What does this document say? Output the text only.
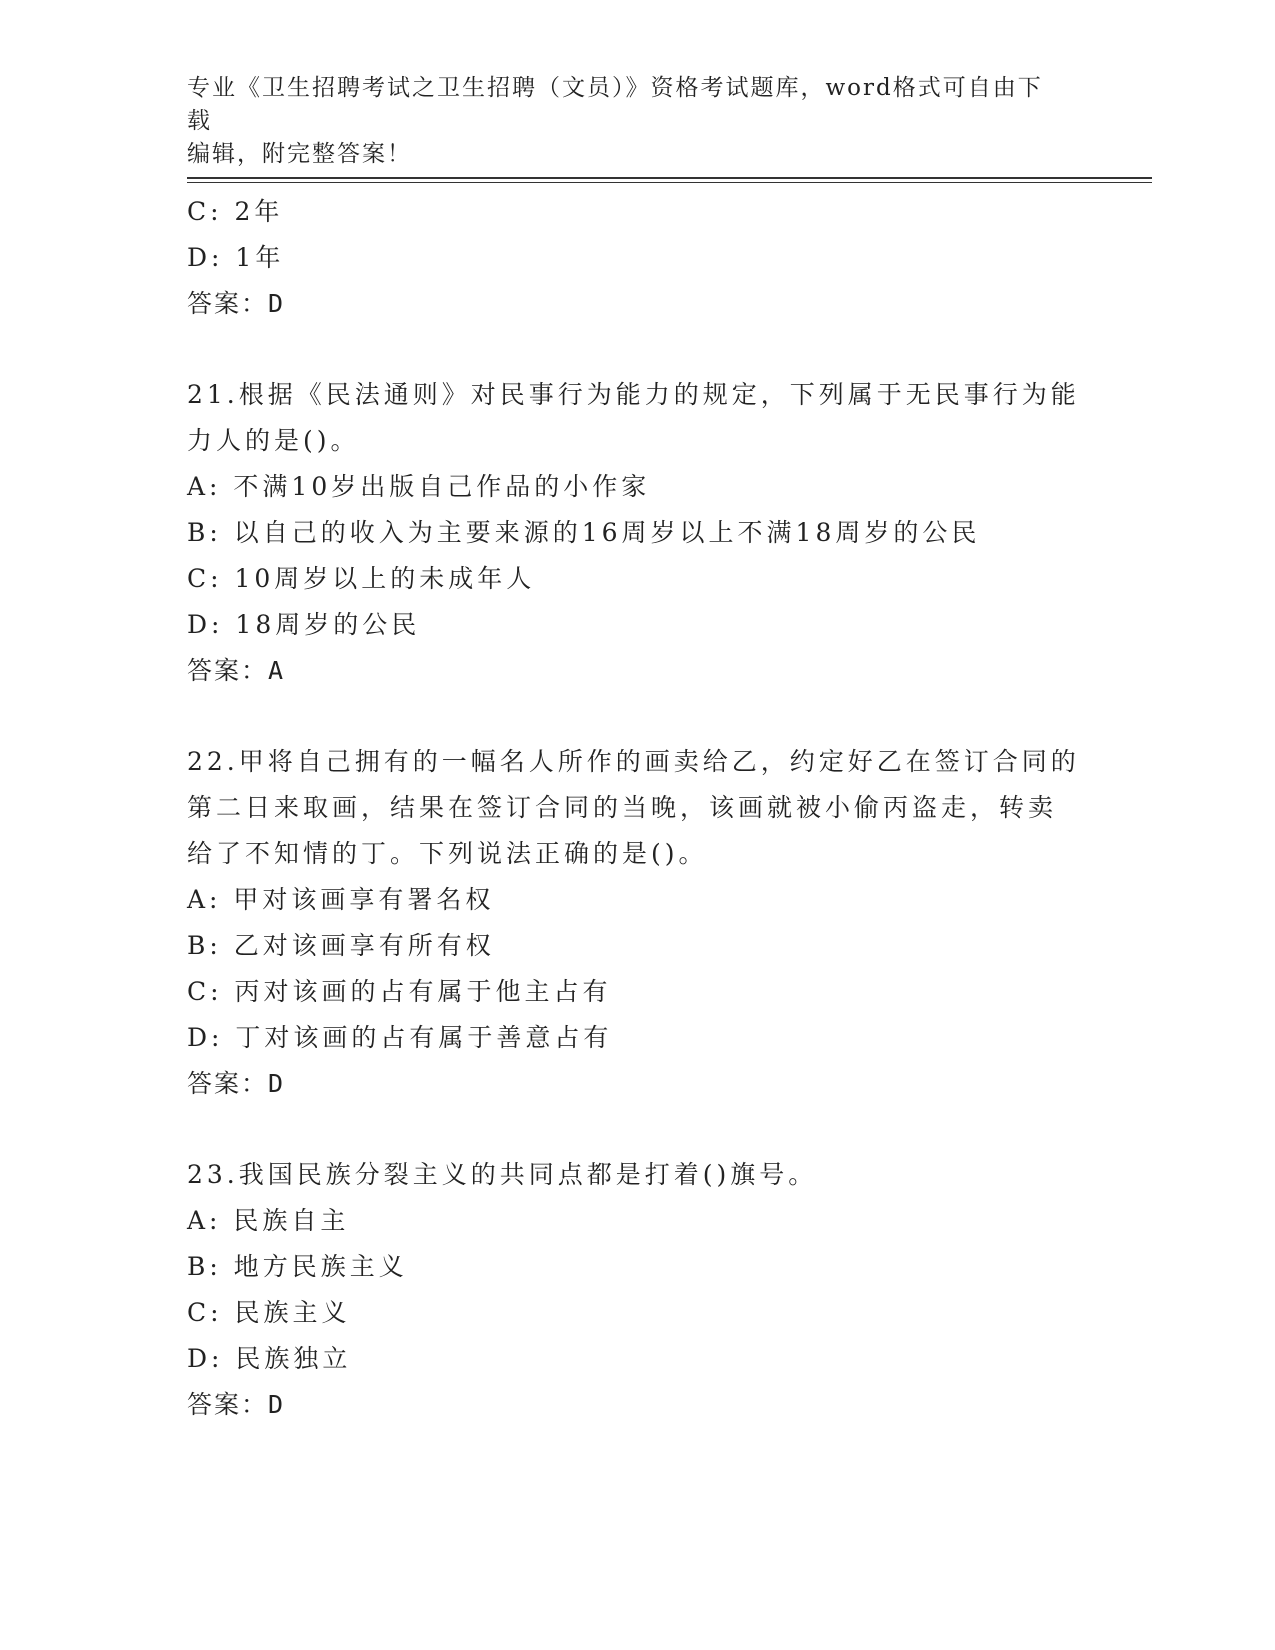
专业《卫生招聘考试之卫生招聘（文员）》资格考试题库，word格式可自由下载
编辑，附完整答案！
C: 2年
D: 1年
答案：D
21.根据《民法通则》对民事行为能力的规定，下列属于无民事行为能
力人的是()。
A: 不满10岁出版自己作品的小作家
B: 以自己的收入为主要来源的16周岁以上不满18周岁的公民
C: 10周岁以上的未成年人
D: 18周岁的公民
答案：A
22.甲将自己拥有的一幅名人所作的画卖给乙，约定好乙在签订合同的
第二日来取画，结果在签订合同的当晚，该画就被小偷丙盗走，转卖
给了不知情的丁。下列说法正确的是()。
A: 甲对该画享有署名权
B: 乙对该画享有所有权
C: 丙对该画的占有属于他主占有
D: 丁对该画的占有属于善意占有
答案：D
23.我国民族分裂主义的共同点都是打着()旗号。
A: 民族自主
B: 地方民族主义
C: 民族主义
D: 民族独立
答案：D
